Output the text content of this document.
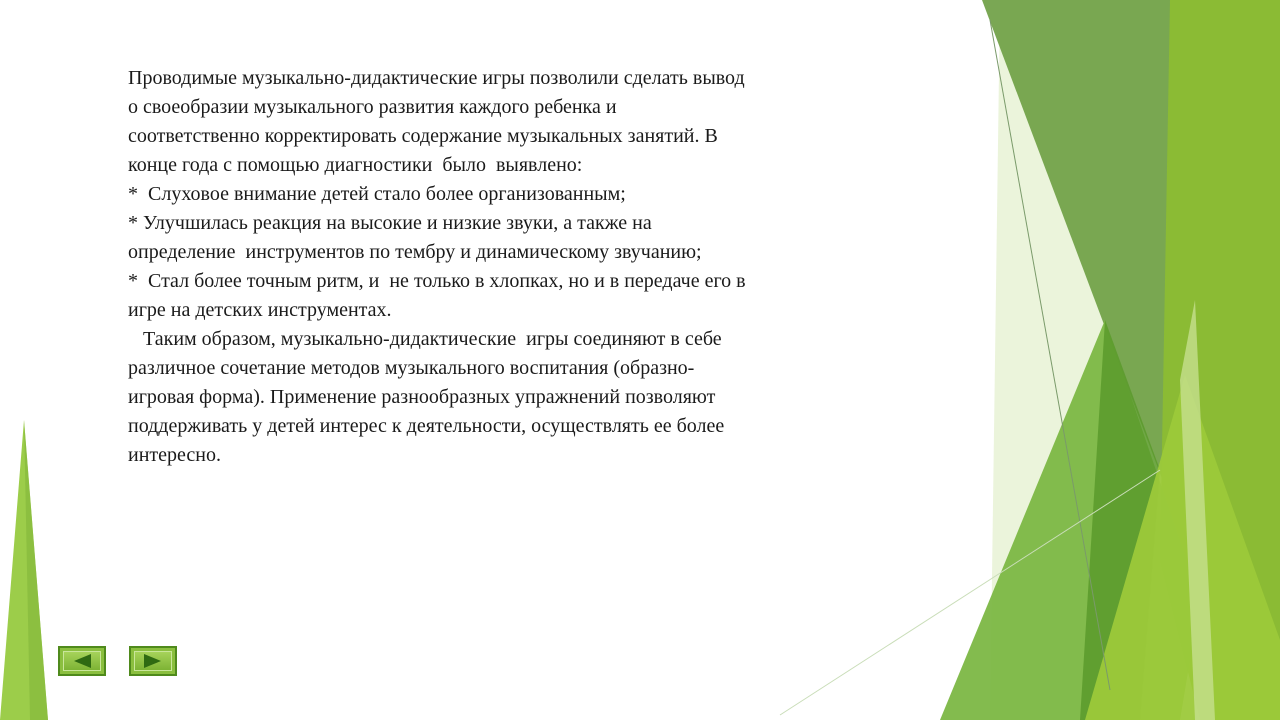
Проводимые музыкально-дидактические игры позволили сделать вывод о своеобразии музыкального развития каждого ребенка и соответственно корректировать содержание музыкальных занятий. В конце года с помощью диагностики  было  выявлено:
*  Слуховое внимание детей стало более организованным;
* Улучшилась реакция на высокие и низкие звуки, а также на определение  инструментов по тембру и динамическому звучанию;
*  Стал более точным ритм, и  не только в хлопках, но и в передаче его в игре на детских инструментах.
Таким образом, музыкально-дидактические  игры соединяют в себе различное сочетание методов музыкального воспитания (образно-игровая форма). Применение разнообразных упражнений позволяют поддерживать у детей интерес к деятельности, осуществлять ее более интересно.
